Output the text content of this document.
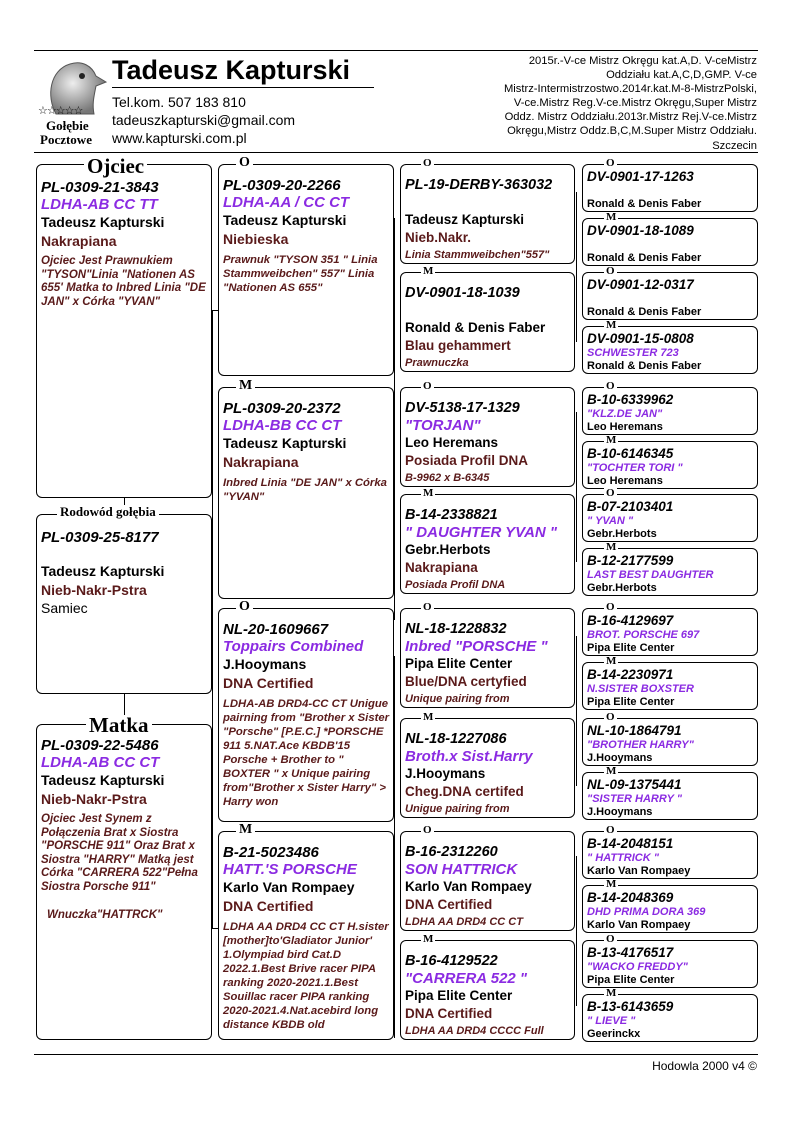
☆☆☆☆☆
Gołębie
Pocztowe
Tadeusz Kapturski
Tel.kom. 507 183 810
tadeuszkapturski@gmail.com
www.kapturski.com.pl
2015r.-V-ce Mistrz Okręgu kat.A,D. V-ceMistrz
Oddziału kat.A,C,D,GMP. V-ce
Mistrz-Intermistrzostwo.2014r.kat.M-8-MistrzPolski,
V-ce.Mistrz Reg.V-ce.Mistrz Okręgu,Super Mistrz
Oddz. Mistrz Oddziału.2013r.Mistrz Rej.V-ce.Mistrz
Okręgu,Mistrz Oddz.B,C,M.Super Mistrz Oddziału.
Szczecin
PL-0309-21-3843
LDHA-AB CC TT
Tadeusz Kapturski
Nakrapiana
Ojciec Jest Prawnukiem "TYSON"Linia "Nationen AS 655' Matka to Inbred Linia "DE JAN" x Córka "YVAN"
Ojciec
PL-0309-25-8177
Tadeusz Kapturski
Nieb-Nakr-Pstra
Samiec
Rodowód gołębia
PL-0309-22-5486
LDHA-AB CC CT
Tadeusz Kapturski
Nieb-Nakr-Pstra
Ojciec Jest Synem z Połączenia Brat x Siostra "PORSCHE 911" Oraz Brat x Siostra "HARRY" Matką jest Córka "CARRERA 522"Pełna Siostra Porsche 911"
Wnuczka"HATTRCK"
Matka
PL-0309-20-2266
LDHA-AA / CC CT
Tadeusz Kapturski
Niebieska
Prawnuk "TYSON 351 " Linia Stammweibchen" 557" Linia "Nationen AS 655"
O
PL-0309-20-2372
LDHA-BB CC CT
Tadeusz Kapturski
Nakrapiana
Inbred Linia "DE JAN" x Córka "YVAN"
M
NL-20-1609667
Toppairs Combined
J.Hooymans
DNA Certified
LDHA-AB DRD4-CC CT Unigue pairning from "Brother x Sister "Porsche" [P.E.C.] *PORSCHE 911 5.NAT.Ace KBDB'15 Porsche + Brother to " BOXTER " x Unique pairing from"Brother x Sister Harry" > Harry won
O
B-21-5023486
HATT.'S PORSCHE
Karlo Van Rompaey
DNA Certified
LDHA AA DRD4 CC CT H.sister [mother]to'Gladiator Junior' 1.Olympiad bird Cat.D 2022.1.Best Brive racer PIPA ranking 2020-2021.1.Best Souillac racer PIPA ranking 2020-2021.4.Nat.acebird long distance KBDB old
M
PL-19-DERBY-363032
Tadeusz Kapturski
Nieb.Nakr.
Linia Stammweibchen"557"
O
DV-0901-18-1039
Ronald & Denis Faber
Blau gehammert
Prawnuczka
M
DV-5138-17-1329
"TORJAN"
Leo Heremans
Posiada Profil DNA
B-9962 x B-6345
O
B-14-2338821
" DAUGHTER YVAN "
Gebr.Herbots
Nakrapiana
Posiada Profil DNA
M
NL-18-1228832
Inbred "PORSCHE "
Pipa Elite Center
Blue/DNA certyfied
Unique pairing from
O
NL-18-1227086
Broth.x Sist.Harry
J.Hooymans
Cheg.DNA certifed
Unigue pairing from
M
B-16-2312260
SON HATTRICK
Karlo Van Rompaey
DNA Certified
LDHA AA DRD4 CC CT
O
B-16-4129522
"CARRERA 522 "
Pipa Elite Center
DNA Certified
LDHA AA DRD4 CCCC Full
M
DV-0901-17-1263
Ronald & Denis Faber
O
DV-0901-18-1089
Ronald & Denis Faber
M
DV-0901-12-0317
Ronald & Denis Faber
O
DV-0901-15-0808
SCHWESTER 723
Ronald & Denis Faber
M
B-10-6339962
"KLZ.DE JAN"
Leo Heremans
O
B-10-6146345
"TOCHTER TORI "
Leo Heremans
M
B-07-2103401
" YVAN "
Gebr.Herbots
O
B-12-2177599
LAST BEST DAUGHTER
Gebr.Herbots
M
B-16-4129697
BROT. PORSCHE 697
Pipa Elite Center
O
B-14-2230971
N.SISTER BOXSTER
Pipa Elite Center
M
NL-10-1864791
"BROTHER HARRY"
J.Hooymans
O
NL-09-1375441
"SISTER HARRY "
J.Hooymans
M
B-14-2048151
" HATTRICK "
Karlo Van Rompaey
O
B-14-2048369
DHD PRIMA DORA 369
Karlo Van Rompaey
M
B-13-4176517
"WACKO FREDDY"
Pipa Elite Center
O
B-13-6143659
" LIEVE "
Geerinckx
M
Hodowla 2000 v4 ©
